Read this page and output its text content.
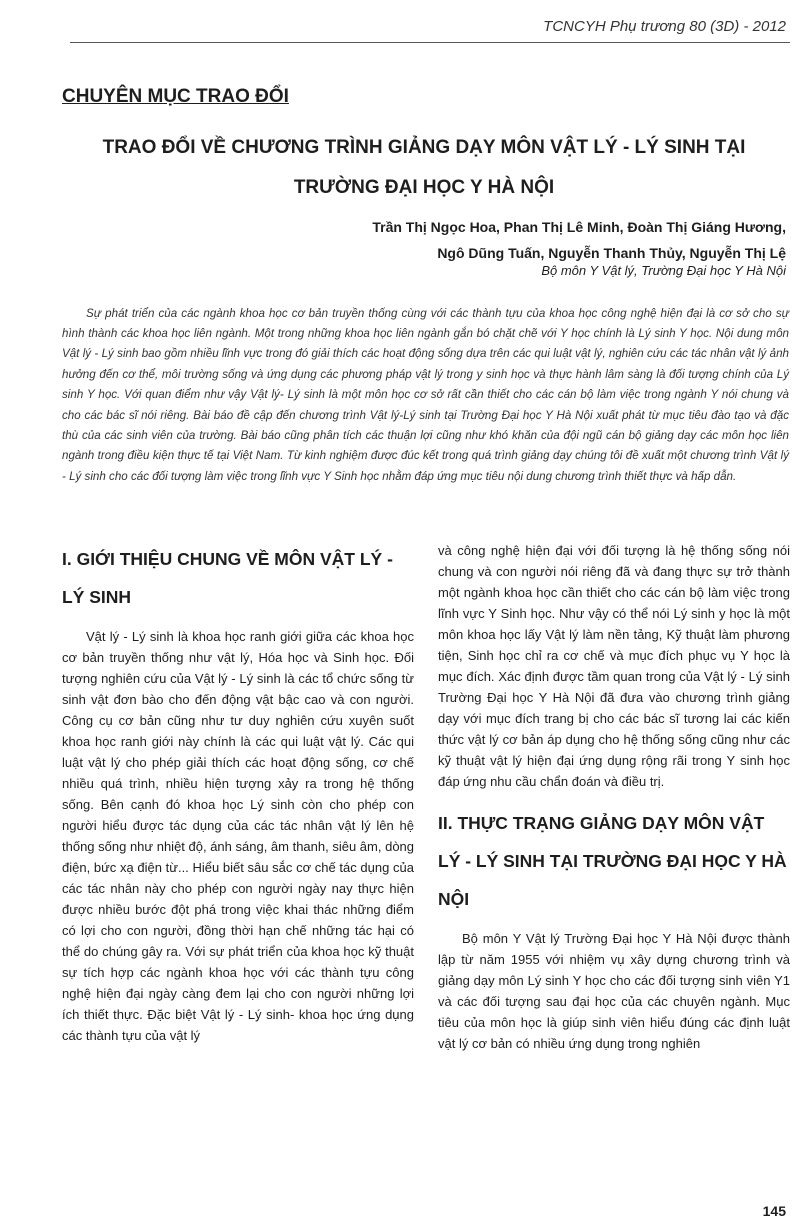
TCNCYH Phụ trương 80 (3D) - 2012
CHUYÊN MỤC TRAO ĐỔI
TRAO ĐỔI VỀ CHƯƠNG TRÌNH GIẢNG DẠY MÔN VẬT LÝ - LÝ SINH TẠI TRƯỜNG ĐẠI HỌC Y HÀ NỘI
Trần Thị Ngọc Hoa, Phan Thị Lê Minh, Đoàn Thị Giáng Hương,
Ngô Dũng Tuấn, Nguyễn Thanh Thủy, Nguyễn Thị Lệ
Bộ môn Y Vật lý, Trường Đại học Y Hà Nội

Sự phát triển của các ngành khoa học cơ bản truyền thống cùng với các thành tựu của khoa học công nghệ hiện đại là cơ sở cho sự hình thành các khoa học liên ngành. Một trong những khoa học liên ngành gắn bó chặt chẽ với Y học chính là Lý sinh Y học. Nội dung môn Vật lý - Lý sinh bao gồm nhiều lĩnh vực trong đó giải thích các hoạt động sống dựa trên các qui luật vật lý, nghiên cứu các tác nhân vật lý ảnh hưởng đến cơ thể, môi trường sống và ứng dụng các phương pháp vật lý trong y sinh học và thực hành lâm sàng là đối tượng chính của Lý sinh Y học. Với quan điểm như vậy Vật lý- Lý sinh là một môn học cơ sở rất cần thiết cho các cán bộ làm việc trong ngành Y nói chung và cho các bác sĩ nói riêng. Bài báo đề cập đến chương trình Vật lý-Lý sinh tại Trường Đại học Y Hà Nội xuất phát từ mục tiêu đào tạo và đặc thù của các sinh viên của trường. Bài báo cũng phân tích các thuận lợi cũng như khó khăn của đội ngũ cán bộ giảng dạy các môn học liên ngành trong điều kiện thực tế tại Việt Nam. Từ kinh nghiệm được đúc kết trong quá trình giảng dạy chúng tôi đề xuất một chương trình Vật lý - Lý sinh cho các đối tượng làm việc trong lĩnh vực Y Sinh học nhằm đáp ứng mục tiêu nội dung chương trình thiết thực và hấp dẫn.

I. GIỚI THIỆU CHUNG VỀ MÔN VẬT LÝ - LÝ SINH

Vật lý - Lý sinh là khoa học ranh giới giữa các khoa học cơ bản truyền thống như vật lý, Hóa học và Sinh học. Đối tượng nghiên cứu của Vật lý - Lý sinh là các tổ chức sống từ sinh vật đơn bào cho đến động vật bậc cao và con người. Công cụ cơ bản cũng như tư duy nghiên cứu xuyên suốt khoa học ranh giới này chính là các qui luật vật lý. Các qui luật vật lý cho phép giải thích các hoạt động sống, cơ chế nhiều quá trình, nhiều hiện tượng xảy ra trong hệ thống sống. Bên cạnh đó khoa học Lý sinh còn cho phép con người hiểu được tác dụng của các tác nhân vật lý lên hệ thống sống như nhiệt độ, ánh sáng, âm thanh, siêu âm, dòng điện, bức xạ điện từ... Hiểu biết sâu sắc cơ chế tác dụng của các tác nhân này cho phép con người ngày nay thực hiện được nhiều bước đột phá trong việc khai thác những điểm có lợi cho con người, đồng thời hạn chế những tác hại có thể do chúng gây ra. Với sự phát triển của khoa học kỹ thuật sự tích hợp các ngành khoa học với các thành tựu công nghệ hiện đại ngày càng đem lại cho con người những lợi ích thiết thực. Đặc biệt Vật lý - Lý sinh- khoa học ứng dụng các thành tựu của vật lý

và công nghệ hiện đại với đối tượng là hệ thống sống nói chung và con người nói riêng đã và đang thực sự trở thành một ngành khoa học cần thiết cho các cán bộ làm việc trong lĩnh vực Y Sinh học. Như vậy có thể nói Lý sinh y học là một môn khoa học lấy Vật lý làm nền tảng, Kỹ thuật làm phương tiện, Sinh học chỉ ra cơ chế và mục đích phục vụ Y học là mục đích. Xác định được tầm quan trong của Vật lý - Lý sinh Trường Đại học Y Hà Nội đã đưa vào chương trình giảng dạy với mục đích trang bị cho các bác sĩ tương lai các kiến thức vật lý cơ bản áp dụng cho hệ thống sống cũng như các kỹ thuật vật lý hiện đại ứng dụng rộng rãi trong Y sinh học đáp ứng nhu cầu chẩn đoán và điều trị.

II. THỰC TRẠNG GIẢNG DẠY MÔN VẬT LÝ - LÝ SINH TẠI TRƯỜNG ĐẠI HỌC Y HÀ NỘI

Bộ môn Y Vật lý Trường Đại học Y Hà Nội được thành lập từ năm 1955 với nhiệm vụ xây dựng chương trình và giảng dạy môn Lý sinh Y học cho các đối tượng sinh viên Y1 và các đối tượng sau đại học của các chuyên ngành. Mục tiêu của môn học là giúp sinh viên hiểu đúng các định luật vật lý cơ bản có nhiều ứng dụng trong nghiên

145
